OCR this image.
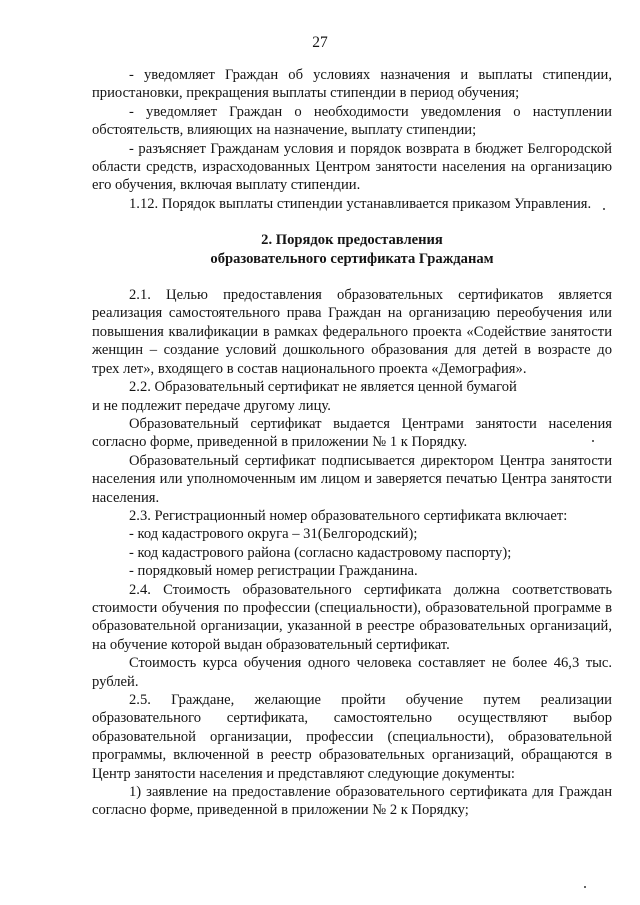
27

- уведомляет Граждан об условиях назначения и выплаты стипендии, приостановки, прекращения выплаты стипендии в период обучения;

- уведомляет Граждан о необходимости уведомления о наступлении обстоятельств, влияющих на назначение, выплату стипендии;

- разъясняет Гражданам условия и порядок возврата в бюджет Белгородской области средств, израсходованных Центром занятости населения на организацию его обучения, включая выплату стипендии.

1.12. Порядок выплаты стипендии устанавливается приказом Управления.

2. Порядок предоставления
образовательного сертификата Гражданам

2.1. Целью предоставления образовательных сертификатов является реализация самостоятельного права Граждан на организацию переобучения или повышения квалификации в рамках федерального проекта «Содействие занятости женщин – создание условий дошкольного образования для детей в возрасте до трех лет», входящего в состав национального проекта «Демография».

2.2. Образовательный сертификат не является ценной бумагой

и не подлежит передаче другому лицу.

Образовательный сертификат выдается Центрами занятости населения согласно форме, приведенной в приложении № 1 к Порядку.

Образовательный сертификат подписывается директором Центра занятости населения или уполномоченным им лицом и заверяется печатью Центра занятости населения.

2.3. Регистрационный номер образовательного сертификата включает:

- код кадастрового округа – 31(Белгородский);

- код кадастрового района (согласно кадастровому паспорту);

- порядковый номер регистрации Гражданина.

2.4. Стоимость образовательного сертификата должна соответствовать стоимости обучения по профессии (специальности), образовательной программе в образовательной организации, указанной в реестре образовательных организаций, на обучение которой выдан образовательный сертификат.

Стоимость курса обучения одного человека составляет не более 46,3 тыс. рублей.

2.5. Граждане, желающие пройти обучение путем реализации образовательного сертификата, самостоятельно осуществляют выбор образовательной организации, профессии (специальности), образовательной программы, включенной в реестр образовательных организаций, обращаются в Центр занятости населения и представляют следующие документы:

1) заявление на предоставление образовательного сертификата для Граждан согласно форме, приведенной в приложении № 2 к Порядку;
